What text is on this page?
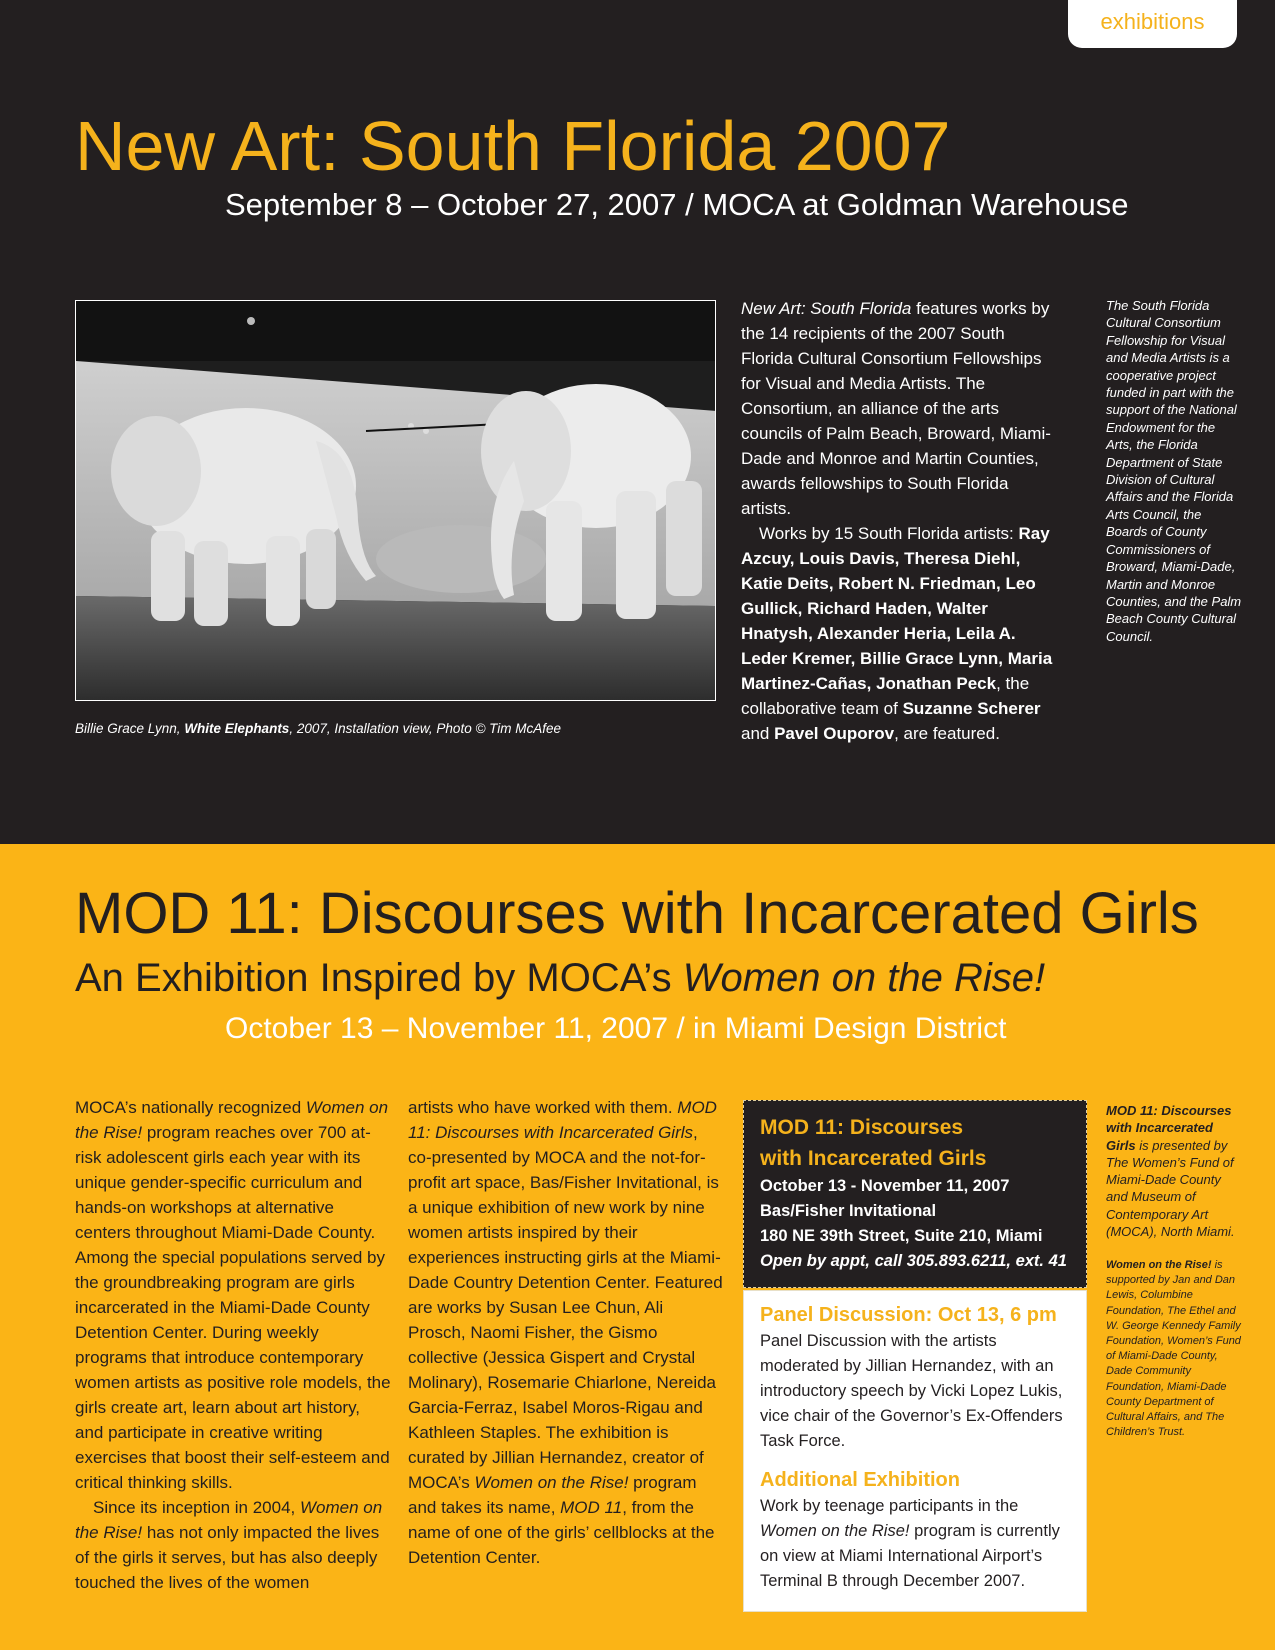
exhibitions
New Art: South Florida 2007
September 8 – October 27, 2007 / MOCA at Goldman Warehouse
Billie Grace Lynn, White Elephants, 2007, Installation view, Photo © Tim McAfee

New Art: South Florida features works by the 14 recipients of the 2007 South Florida Cultural Consortium Fellowships for Visual and Media Artists. The Consortium, an alliance of the arts councils of Palm Beach, Broward, Miami-Dade and Monroe and Martin Counties, awards fellowships to South Florida artists.

Works by 15 South Florida artists: Ray Azcuy, Louis Davis, Theresa Diehl, Katie Deits, Robert N. Friedman, Leo Gullick, Richard Haden, Walter Hnatysh, Alexander Heria, Leila A. Leder Kremer, Billie Grace Lynn, Maria Martinez-Cañas, Jonathan Peck, the collaborative team of Suzanne Scherer and Pavel Ouporov, are featured.

The South Florida Cultural Consortium Fellowship for Visual and Media Artists is a cooperative project funded in part with the support of the National Endowment for the Arts, the Florida Department of State Division of Cultural Affairs and the Florida Arts Council, the Boards of County Commissioners of Broward, Miami-Dade, Martin and Monroe Counties, and the Palm Beach County Cultural Council.

MOD 11: Discourses with Incarcerated Girls
An Exhibition Inspired by MOCA’s Women on the Rise!
October 13 – November 11, 2007 / in Miami Design District

MOCA’s nationally recognized Women on the Rise! program reaches over 700 at-risk adolescent girls each year with its unique gender-specific curriculum and hands-on workshops at alternative centers throughout Miami-Dade County. Among the special populations served by the groundbreaking program are girls incarcerated in the Miami-Dade County Detention Center. During weekly programs that introduce contemporary women artists as positive role models, the girls create art, learn about art history, and participate in creative writing exercises that boost their self-esteem and critical thinking skills.

Since its inception in 2004, Women on the Rise! has not only impacted the lives of the girls it serves, but has also deeply touched the lives of the women

artists who have worked with them. MOD 11: Discourses with Incarcerated Girls, co-presented by MOCA and the not-for-profit art space, Bas/Fisher Invitational, is a unique exhibition of new work by nine women artists inspired by their experiences instructing girls at the Miami-Dade Country Detention Center. Featured are works by Susan Lee Chun, Ali Prosch, Naomi Fisher, the Gismo collective (Jessica Gispert and Crystal Molinary), Rosemarie Chiarlone, Nereida Garcia-Ferraz, Isabel Moros-Rigau and Kathleen Staples. The exhibition is curated by Jillian Hernandez, creator of MOCA’s Women on the Rise! program and takes its name, MOD 11, from the name of one of the girls’ cellblocks at the Detention Center.

MOD 11: Discourses
with Incarcerated Girls
October 13 - November 11, 2007
Bas/Fisher Invitational
180 NE 39th Street, Suite 210, Miami
Open by appt, call 305.893.6211, ext. 41
Panel Discussion: Oct 13, 6 pm
Panel Discussion with the artists moderated by Jillian Hernandez, with an introductory speech by Vicki Lopez Lukis, vice chair of the Governor’s Ex-Offenders Task Force.
Additional Exhibition
Work by teenage participants in the Women on the Rise! program is currently on view at Miami International Airport’s Terminal B through December 2007.

MOD 11: Discourses with Incarcerated Girls is presented by The Women’s Fund of Miami-Dade County and Museum of Contemporary Art (MOCA), North Miami.

Women on the Rise! is supported by Jan and Dan Lewis, Columbine Foundation, The Ethel and W. George Kennedy Family Foundation, Women’s Fund of Miami-Dade County, Dade Community Foundation, Miami-Dade County Department of Cultural Affairs, and The Children’s Trust.
